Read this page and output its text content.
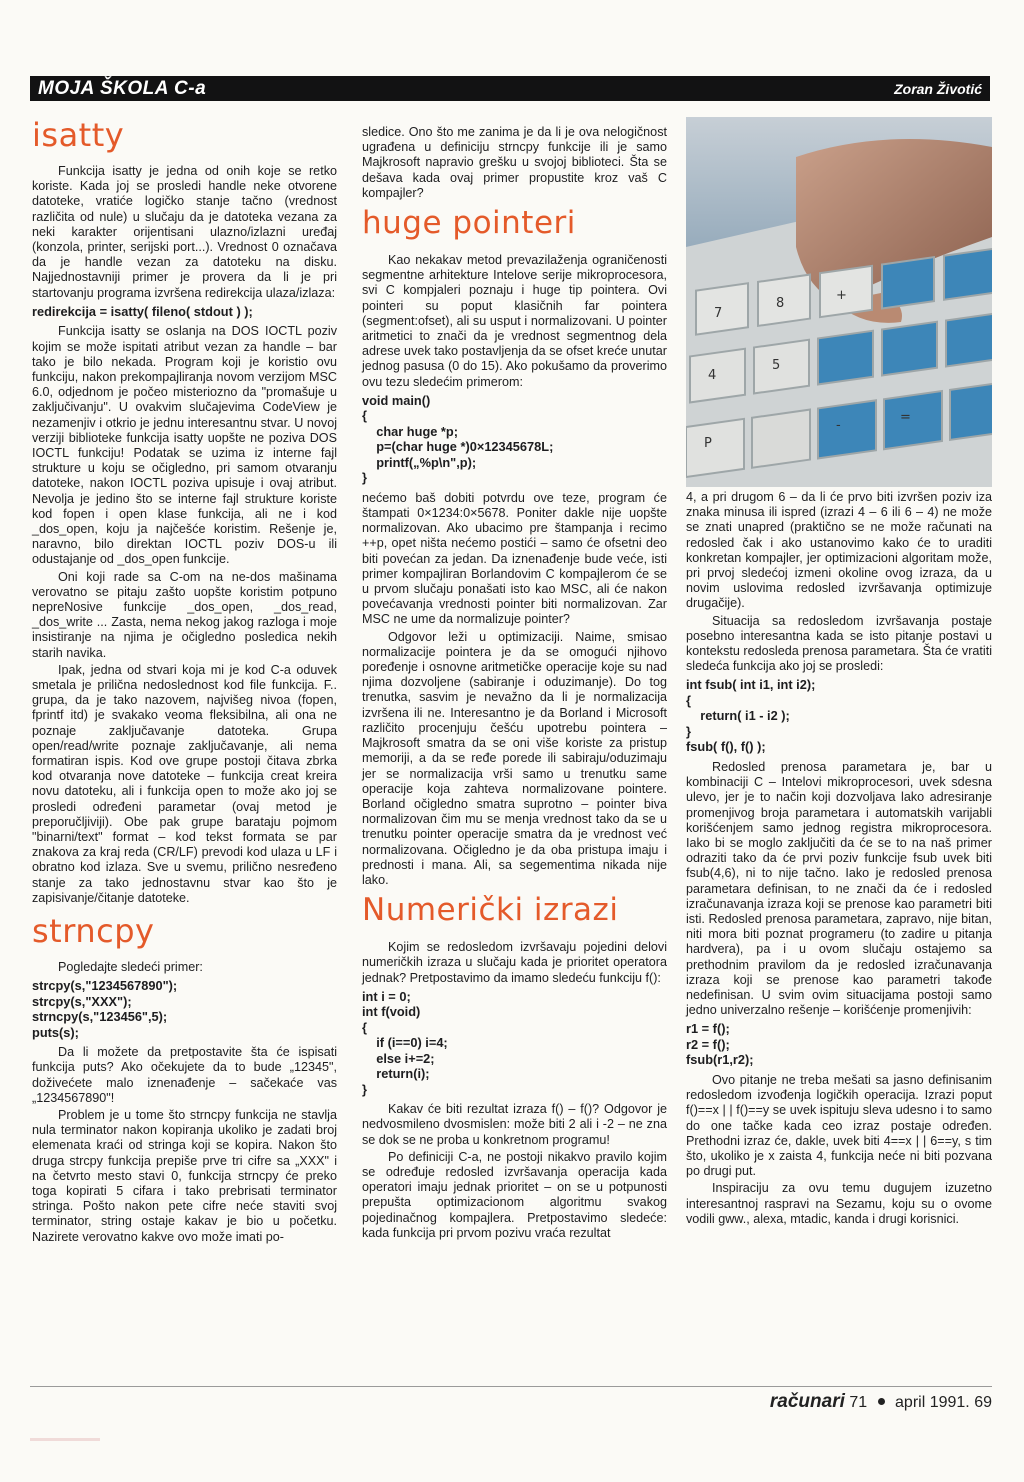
MOJA ŠKOLA C-a	Zoran Životić
isatty

Funkcija isatty je jedna od onih koje se retko koriste. Kada joj se prosledi handle neke otvorene datoteke, vratiće logičko stanje tačno (vrednost različita od nule) u slučaju da je datoteka vezana za neki karakter orijentisani ulazno/izlazni uređaj (konzola, printer, serijski port...). Vrednost 0 označava da je handle vezan za datoteku na disku. Najjednostavniji primer je provera da li je pri startovanju programa izvršena redirekcija ulaza/izlaza:

redirekcija = isatty( fileno( stdout ) );

Funkcija isatty se oslanja na DOS IOCTL poziv kojim se može ispitati atribut vezan za handle – bar tako je bilo nekada. Program koji je koristio ovu funkciju, nakon prekompajliranja novom verzijom MSC 6.0, odjednom je počeo misteriozno da "promašuje u zaključivanju". U ovakvim slučajevima CodeView je nezamenjiv i otkrio je jednu interesantnu stvar. U novoj verziji biblioteke funkcija isatty uopšte ne poziva DOS IOCTL funkciju! Podatak se uzima iz interne fajl strukture u koju se očigledno, pri samom otvaranju datoteke, nakon IOCTL poziva upisuje i ovaj atribut. Nevolja je jedino što se interne fajl strukture koriste kod fopen i open klase funkcija, ali ne i kod _dos_open, koju ja najčešće koristim. Rešenje je, naravno, bilo direktan IOCTL poziv DOS-u ili odustajanje od _dos_open funkcije.

Oni koji rade sa C-om na ne-dos mašinama verovatno se pitaju zašto uopšte koristim potpuno nepreNosive funkcije _dos_open, _dos_read, _dos_write ... Zasta, nema nekog jakog razloga i moje insistiranje na njima je očigledno posledica nekih starih navika.

Ipak, jedna od stvari koja mi je kod C-a oduvek smetala je prilična nedoslednost kod file funkcija. F.. grupa, da je tako nazovem, najvišeg nivoa (fopen, fprintf itd) je svakako veoma fleksibilna, ali ona ne poznaje zaključavanje datoteka. Grupa open/read/write poznaje zaključavanje, ali nema formatiran ispis. Kod ove grupe postoji čitava zbrka kod otvaranja nove datoteke – funkcija creat kreira novu datoteku, ali i funkcija open to može ako joj se prosledi određeni parametar (ovaj metod je preporučljiviji). Obe pak grupe barataju pojmom "binarni/text" format – kod tekst formata se par znakova za kraj reda (CR/LF) prevodi kod ulaza u LF i obratno kod izlaza. Sve u svemu, prilično nesređeno stanje za tako jednostavnu stvar kao što je zapisivanje/čitanje datoteke.

strncpy

Pogledajte sledeći primer:

strcpy(s,"1234567890");
strcpy(s,"XXX");
strncpy(s,"123456",5);
puts(s);

Da li možete da pretpostavite šta će ispisati funkcija puts? Ako očekujete da to bude „12345", doživećete malo iznenađenje – sačekaće vas „1234567890"!

Problem je u tome što strncpy funkcija ne stavlja nula terminator nakon kopiranja ukoliko je zadati broj elemenata kraći od stringa koji se kopira. Nakon što druga strcpy funkcija prepiše prve tri cifre sa „XXX" i na četvrto mesto stavi 0, funkcija strncpy će preko toga kopirati 5 cifara i tako prebrisati terminator stringa. Pošto nakon pete cifre neće staviti svoj terminator, string ostaje kakav je bio u početku. Nazirete verovatno kakve ovo može imati po-

sledice. Ono što me zanima je da li je ova nelogičnost ugrađena u definiciju strncpy funkcije ili je samo Majkrosoft napravio grešku u svojoj biblioteci. Šta se dešava kada ovaj primer propustite kroz vaš C kompajler?

huge pointeri

Kao nekakav metod prevazilaženja ograničenosti segmentne arhitekture Intelove serije mikroprocesora, svi C kompjaleri poznaju i huge tip pointera. Ovi pointeri su poput klasičnih far pointera (segment:ofset), ali su usput i normalizovani. U pointer aritmetici to znači da je vrednost segmentnog dela adrese uvek tako postavljenja da se ofset kreće unutar jednog pasusa (0 do 15). Ako pokušamo da proverimo ovu tezu sledećim primerom:

void main()
{
char huge *p;
p=(char huge *)0×12345678L;
printf(„%p\n",p);
}

nećemo baš dobiti potvrdu ove teze, program će štampati 0×1234:0×5678. Poniter dakle nije uopšte normalizovan. Ako ubacimo pre štampanja i recimo ++p, opet ništa nećemo postići – samo će ofsetni deo biti povećan za jedan. Da iznenađenje bude veće, isti primer kompajliran Borlandovim C kompajlerom će se u prvom slučaju ponašati isto kao MSC, ali će nakon povećavanja vrednosti pointer biti normalizovan. Zar MSC ne ume da normalizuje pointer?

Odgovor leži u optimizaciji. Naime, smisao normalizacije pointera je da se omogući njihovo poređenje i osnovne aritmetičke operacije koje su nad njima dozvoljene (sabiranje i oduzimanje). Do tog trenutka, sasvim je nevažno da li je normalizacija izvršena ili ne. Interesantno je da Borland i Microsoft različito procenjuju češću upotrebu pointera – Majkrosoft smatra da se oni više koriste za pristup memoriji, a da se ređe porede ili sabiraju/oduzimaju jer se normalizacija vrši samo u trenutku same operacije koja zahteva normalizovane pointere. Borland očigledno smatra suprotno – pointer biva normalizovan čim mu se menja vrednost tako da se u trenutku pointer operacije smatra da je vrednost već normalizovana. Očigledno je da oba pristupa imaju i prednosti i mana. Ali, sa segementima nikada nije lako.

Numerički izrazi

Kojim se redosledom izvršavaju pojedini delovi numeričkih izraza u slučaju kada je prioritet operatora jednak? Pretpostavimo da imamo sledeću funkciju f():

int i = 0;
int f(void)
{
if (i==0) i=4;
else i+=2;
return(i);
}

Kakav će biti rezultat izraza f() – f()? Odgovor je nedvosmileno dvosmislen: može biti 2 ali i -2 – ne zna se dok se ne proba u konkretnom programu!

Po definiciji C-a, ne postoji nikakvo pravilo kojim se određuje redosled izvršavanja operacija kada operatori imaju jednak prioritet – on se u potpunosti prepušta optimizacionom algoritmu svakog pojedinačnog kompajlera. Pretpostavimo sledeće: kada funkcija pri prvom pozivu vraća rezultat

7
8
+
4
5
P
-
=

4, a pri drugom 6 – da li će prvo biti izvršen poziv iza znaka minusa ili ispred (izrazi 4 – 6 ili 6 – 4) ne može se znati unapred (praktično se ne može računati na redosled čak i ako ustanovimo kako će to uraditi konkretan kompajler, jer optimizacioni algoritam može, pri prvoj sledećoj izmeni okoline ovog izraza, da u novim uslovima redosled izvršavanja optimizuje drugačije).

Situacija sa redosledom izvršavanja postaje posebno interesantna kada se isto pitanje postavi u kontekstu redosleda prenosa parametara. Šta će vratiti sledeća funkcija ako joj se prosledi:

int fsub( int i1, int i2);
{
return( i1 - i2 );
}
fsub( f(), f() );

Redosled prenosa parametara je, bar u kombinaciji C – Intelovi mikroprocesori, uvek sdesna ulevo, jer je to način koji dozvoljava lako adresiranje promenjivog broja parametara i automatskih varijabli korišćenjem samo jednog registra mikroprocesora. Iako bi se moglo zaključiti da će se to na naš primer odraziti tako da će prvi poziv funkcije fsub uvek biti fsub(4,6), ni to nije tačno. Iako je redosled prenosa parametara definisan, to ne znači da će i redosled izračunavanja izraza koji se prenose kao parametri biti isti. Redosled prenosa parametara, zapravo, nije bitan, niti mora biti poznat programeru (to zadire u pitanja hardvera), pa i u ovom slučaju ostajemo sa prethodnim pravilom da je redosled izračunavanja izraza koji se prenose kao parametri takođe nedefinisan. U svim ovim situacijama postoji samo jedno univerzalno rešenje – korišćenje promenjivih:

r1 = f();
r2 = f();
fsub(r1,r2);

Ovo pitanje ne treba mešati sa jasno definisanim redosledom izvođenja logičkih operacija. Izrazi poput f()==x | | f()==y se uvek ispituju sleva udesno i to samo do one tačke kada ceo izraz postaje određen. Prethodni izraz će, dakle, uvek biti 4==x | | 6==y, s tim što, ukoliko je x zaista 4, funkcija neće ni biti pozvana po drugi put.

Inspiraciju za ovu temu dugujem izuzetno interesantnoj raspravi na Sezamu, koju su o ovome vodili gww., alexa, mtadic, kanda i drugi korisnici.

računari 71 april 1991. 69
